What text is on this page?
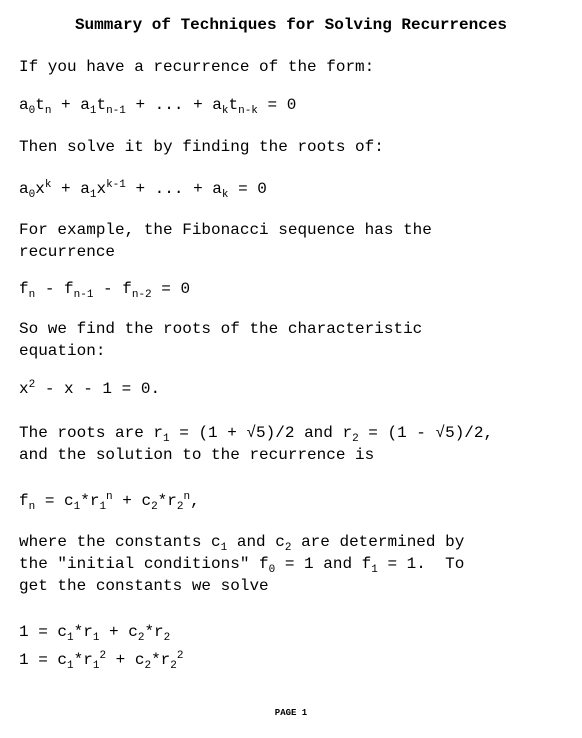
Summary of Techniques for Solving Recurrences
If you have a recurrence of the form:
$a_0t_n + a_1t_{n-1}$ + ... + $a_kt_{n-k} = 0$
Then solve it by finding the roots of:
$a_0x^k + a_1x^{k-1}$ + ... + $a_k = 0$
For example, the Fibonacci sequence has the
recurrence
$f_n - f_{n-1} - f_{n-2} = 0$
So we find the roots of the characteristic
equation:
$x^2 - x - 1 = 0$.
The roots are $r_1 = (1 + √5)/2$ and $r_2 = (1 - √5)/2$,
and the solution to the recurrence is
$f_n = c_1*r_1^n + c_2*r_2^n$,
where the constants $c_1$ and $c_2$ are determined by
the "initial conditions" $f_0 = 1$ and $f_1 = 1$.  To
get the constants we solve
$1 = c_1*r_1 + c_2*r_2$
$1 = c_1*r_1^2 + c_2*r_2^2$
PAGE 1
